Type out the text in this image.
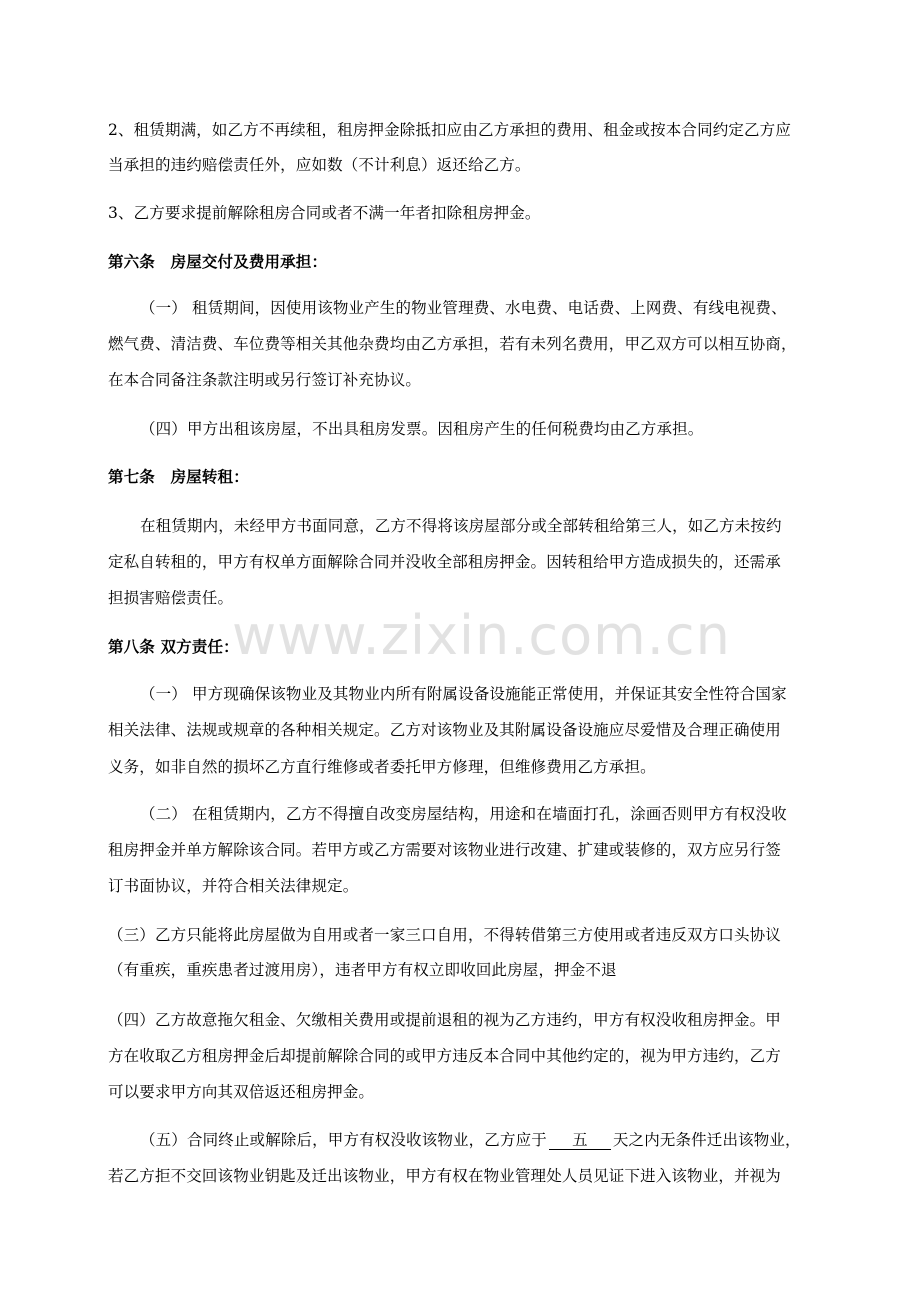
www.zixin.com.cn
2、租赁期满，如乙方不再续租，租房押金除抵扣应由乙方承担的费用、租金或按本合同约定乙方应
当承担的违约赔偿责任外，应如数（不计利息）返还给乙方。
3、乙方要求提前解除租房合同或者不满一年者扣除租房押金。
第六条　房屋交付及费用承担：
（一） 租赁期间，因使用该物业产生的物业管理费、水电费、电话费、上网费、有线电视费、
燃气费、清洁费、车位费等相关其他杂费均由乙方承担，若有未列名费用，甲乙双方可以相互协商，
在本合同备注条款注明或另行签订补充协议。
（四）甲方出租该房屋，不出具租房发票。因租房产生的任何税费均由乙方承担。
第七条　房屋转租：
在租赁期内，未经甲方书面同意，乙方不得将该房屋部分或全部转租给第三人，如乙方未按约
定私自转租的，甲方有权单方面解除合同并没收全部租房押金。因转租给甲方造成损失的，还需承
担损害赔偿责任。
第八条 双方责任：
（一） 甲方现确保该物业及其物业内所有附属设备设施能正常使用，并保证其安全性符合国家
相关法律、法规或规章的各种相关规定。乙方对该物业及其附属设备设施应尽爱惜及合理正确使用
义务，如非自然的损坏乙方直行维修或者委托甲方修理，但维修费用乙方承担。
（二） 在租赁期内，乙方不得擅自改变房屋结构，用途和在墙面打孔，涂画否则甲方有权没收
租房押金并单方解除该合同。若甲方或乙方需要对该物业进行改建、扩建或装修的，双方应另行签
订书面协议，并符合相关法律规定。
（三）乙方只能将此房屋做为自用或者一家三口自用，不得转借第三方使用或者违反双方口头协议
（有重疾，重疾患者过渡用房），违者甲方有权立即收回此房屋，押金不退
（四）乙方故意拖欠租金、欠缴相关费用或提前退租的视为乙方违约，甲方有权没收租房押金。甲
方在收取乙方租房押金后却提前解除合同的或甲方违反本合同中其他约定的，视为甲方违约，乙方
可以要求甲方向其双倍返还租房押金。
（五）合同终止或解除后，甲方有权没收该物业，乙方应于 五 天之内无条件迁出该物业，
若乙方拒不交回该物业钥匙及迁出该物业，甲方有权在物业管理处人员见证下进入该物业，并视为
